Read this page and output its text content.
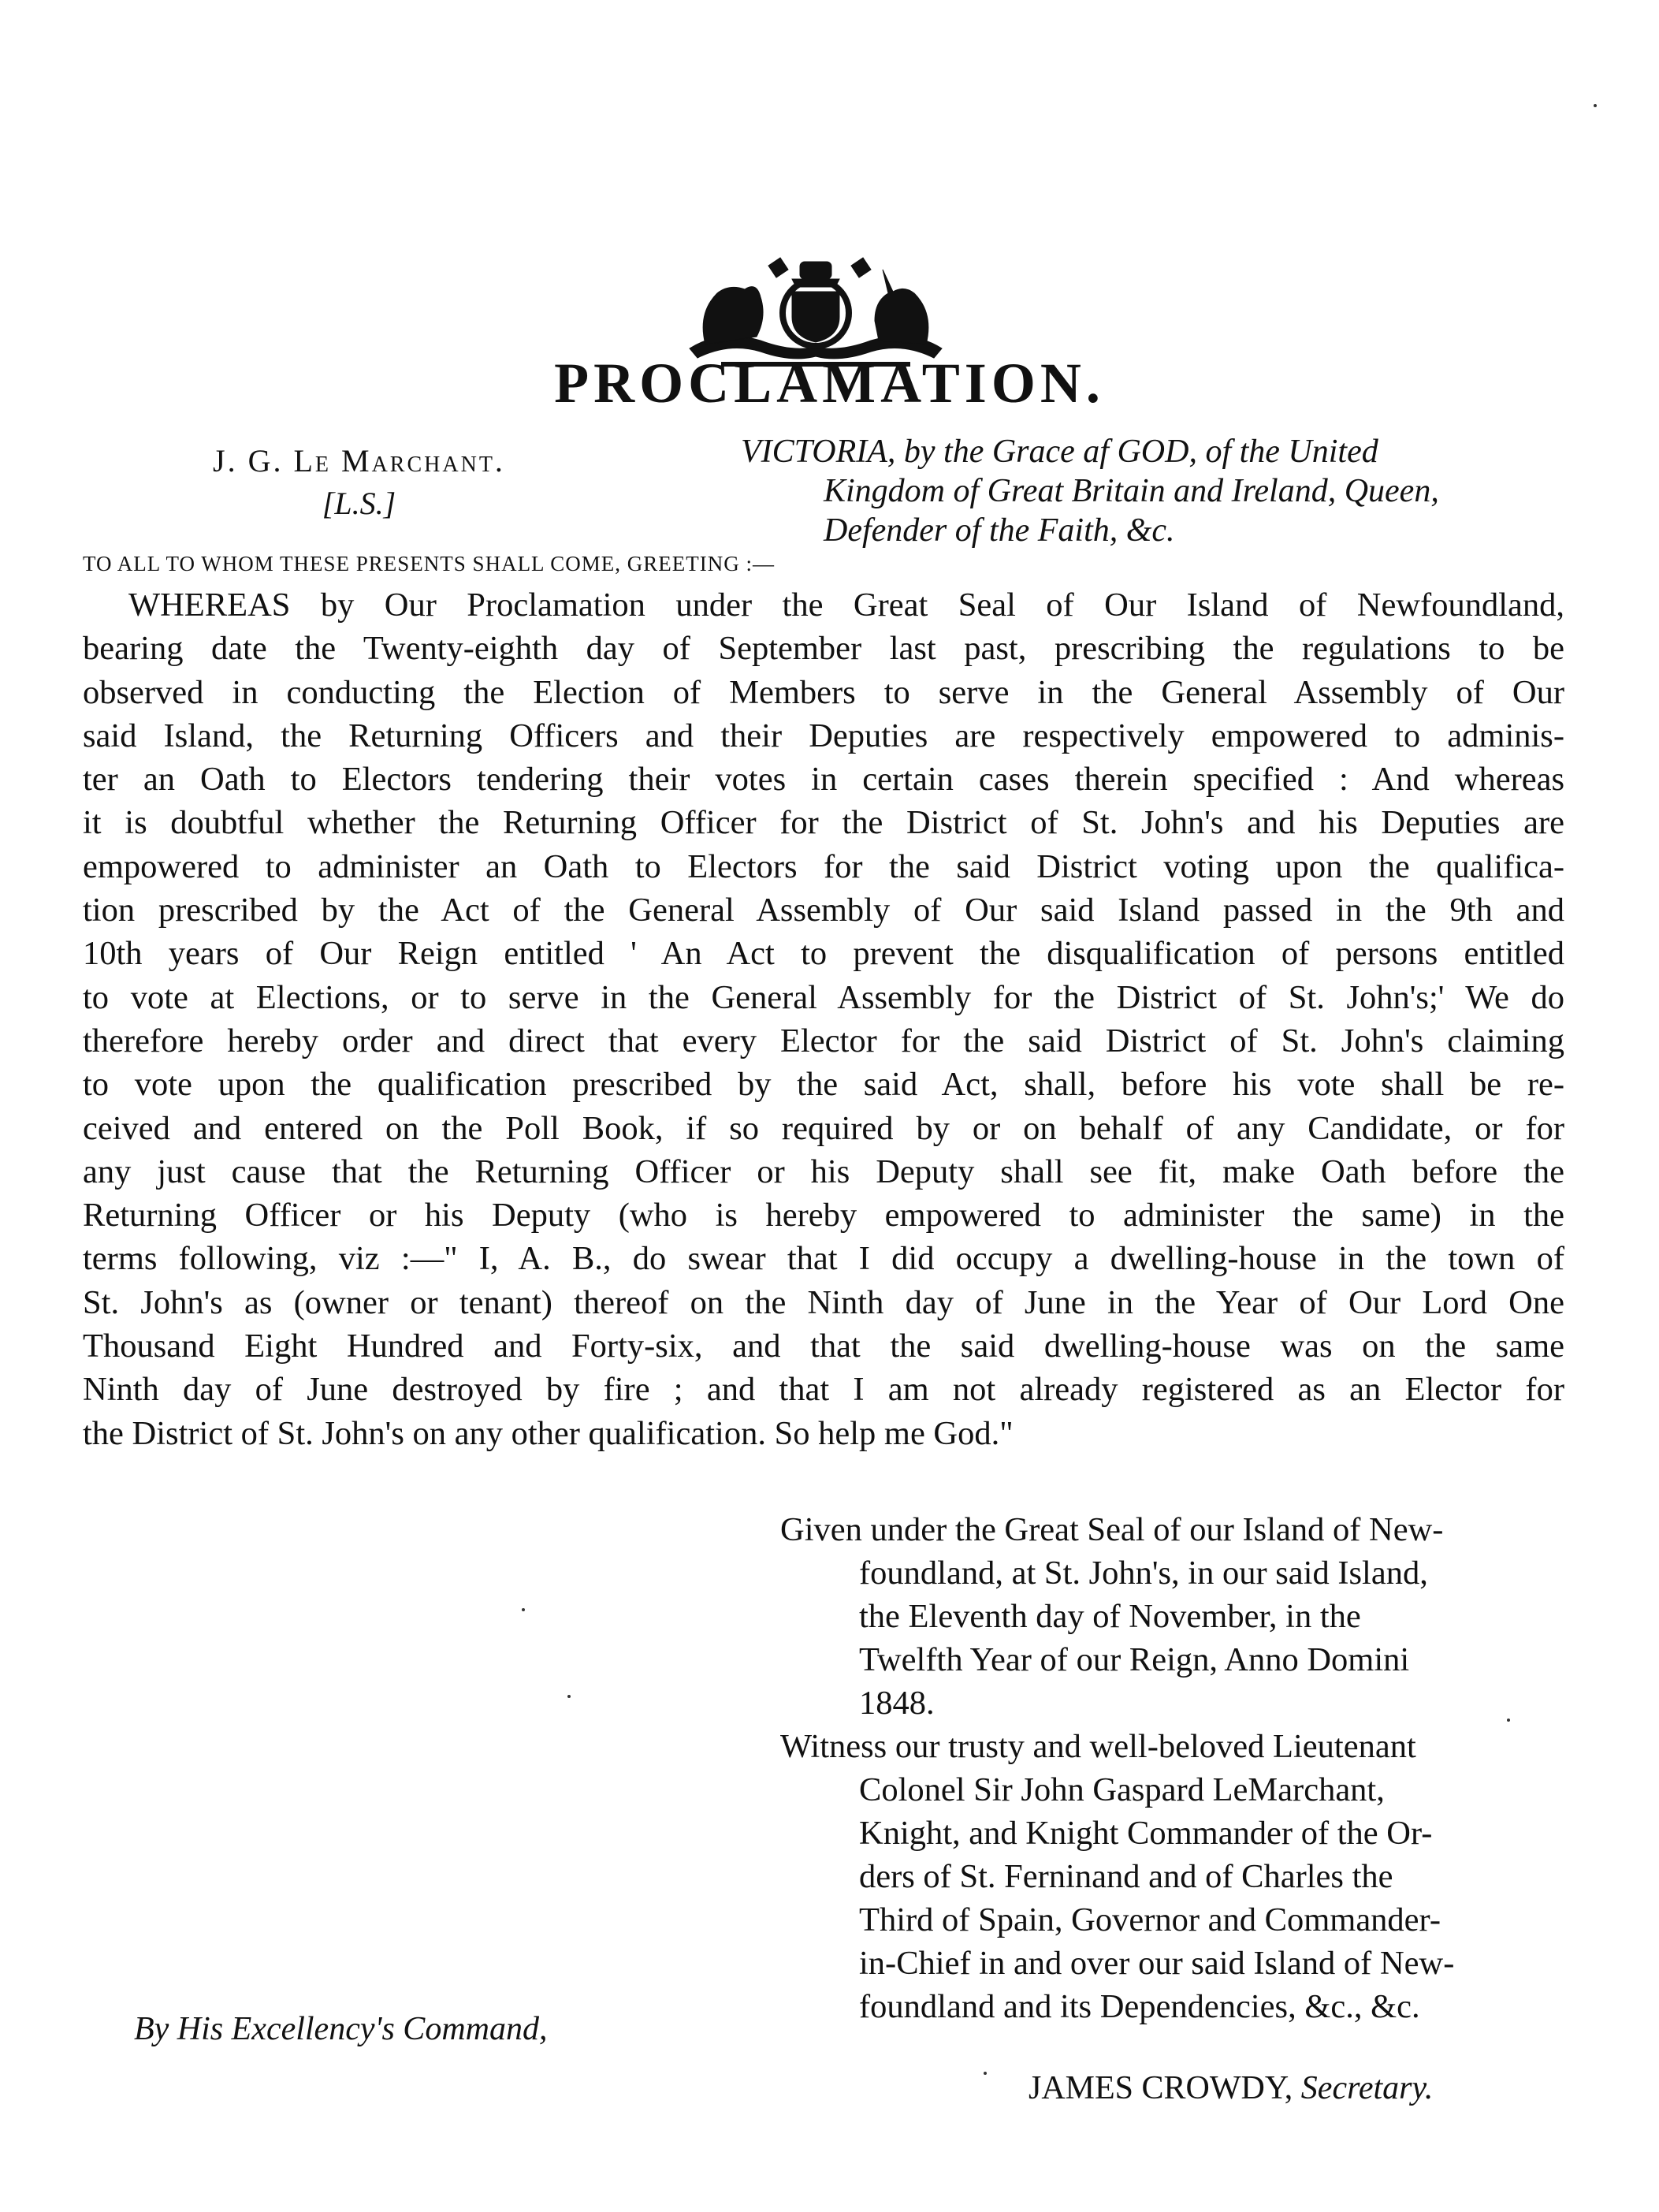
PROCLAMATION.
J. G. Le Marchant.
[L.S.]
VICTORIA, by the Grace af GOD, of the United
Kingdom of Great Britain and Ireland, Queen,
Defender of the Faith, &c.
TO ALL TO WHOM THESE PRESENTS SHALL COME, GREETING :—
WHEREAS by Our Proclamation under the Great Seal of Our Island of Newfoundland,
bearing date the Twenty-eighth day of September last past, prescribing the regulations to be
observed in conducting the Election of Members to serve in the General Assembly of Our
said Island, the Returning Officers and their Deputies are respectively empowered to adminis-
ter an Oath to Electors tendering their votes in certain cases therein specified : And whereas
it is doubtful whether the Returning Officer for the District of St. John's and his Deputies are
empowered to administer an Oath to Electors for the said District voting upon the qualifica-
tion prescribed by the Act of the General Assembly of Our said Island passed in the 9th and
10th years of Our Reign entitled ' An Act to prevent the disqualification of persons entitled
to vote at Elections, or to serve in the General Assembly for the District of St. John's;' We do
therefore hereby order and direct that every Elector for the said District of St. John's claiming
to vote upon the qualification prescribed by the said Act, shall, before his vote shall be re-
ceived and entered on the Poll Book, if so required by or on behalf of any Candidate, or for
any just cause that the Returning Officer or his Deputy shall see fit, make Oath before the
Returning Officer or his Deputy (who is hereby empowered to administer the same) in the
terms following, viz :—" I, A. B., do swear that I did occupy a dwelling-house in the town of
St. John's as (owner or tenant) thereof on the Ninth day of June in the Year of Our Lord One
Thousand Eight Hundred and Forty-six, and that the said dwelling-house was on the same
Ninth day of June destroyed by fire ; and that I am not already registered as an Elector for
the District of St. John's on any other qualification. So help me God."
Given under the Great Seal of our Island of New-
foundland, at St. John's, in our said Island,
the Eleventh day of November, in the
Twelfth Year of our Reign, Anno Domini
1848.
Witness our trusty and well-beloved Lieutenant
Colonel Sir John Gaspard LeMarchant,
Knight, and Knight Commander of the Or-
ders of St. Ferninand and of Charles the
Third of Spain, Governor and Commander-
in-Chief in and over our said Island of New-
foundland and its Dependencies, &c., &c.
By His Excellency's Command,
JAMES CROWDY, Secretary.
